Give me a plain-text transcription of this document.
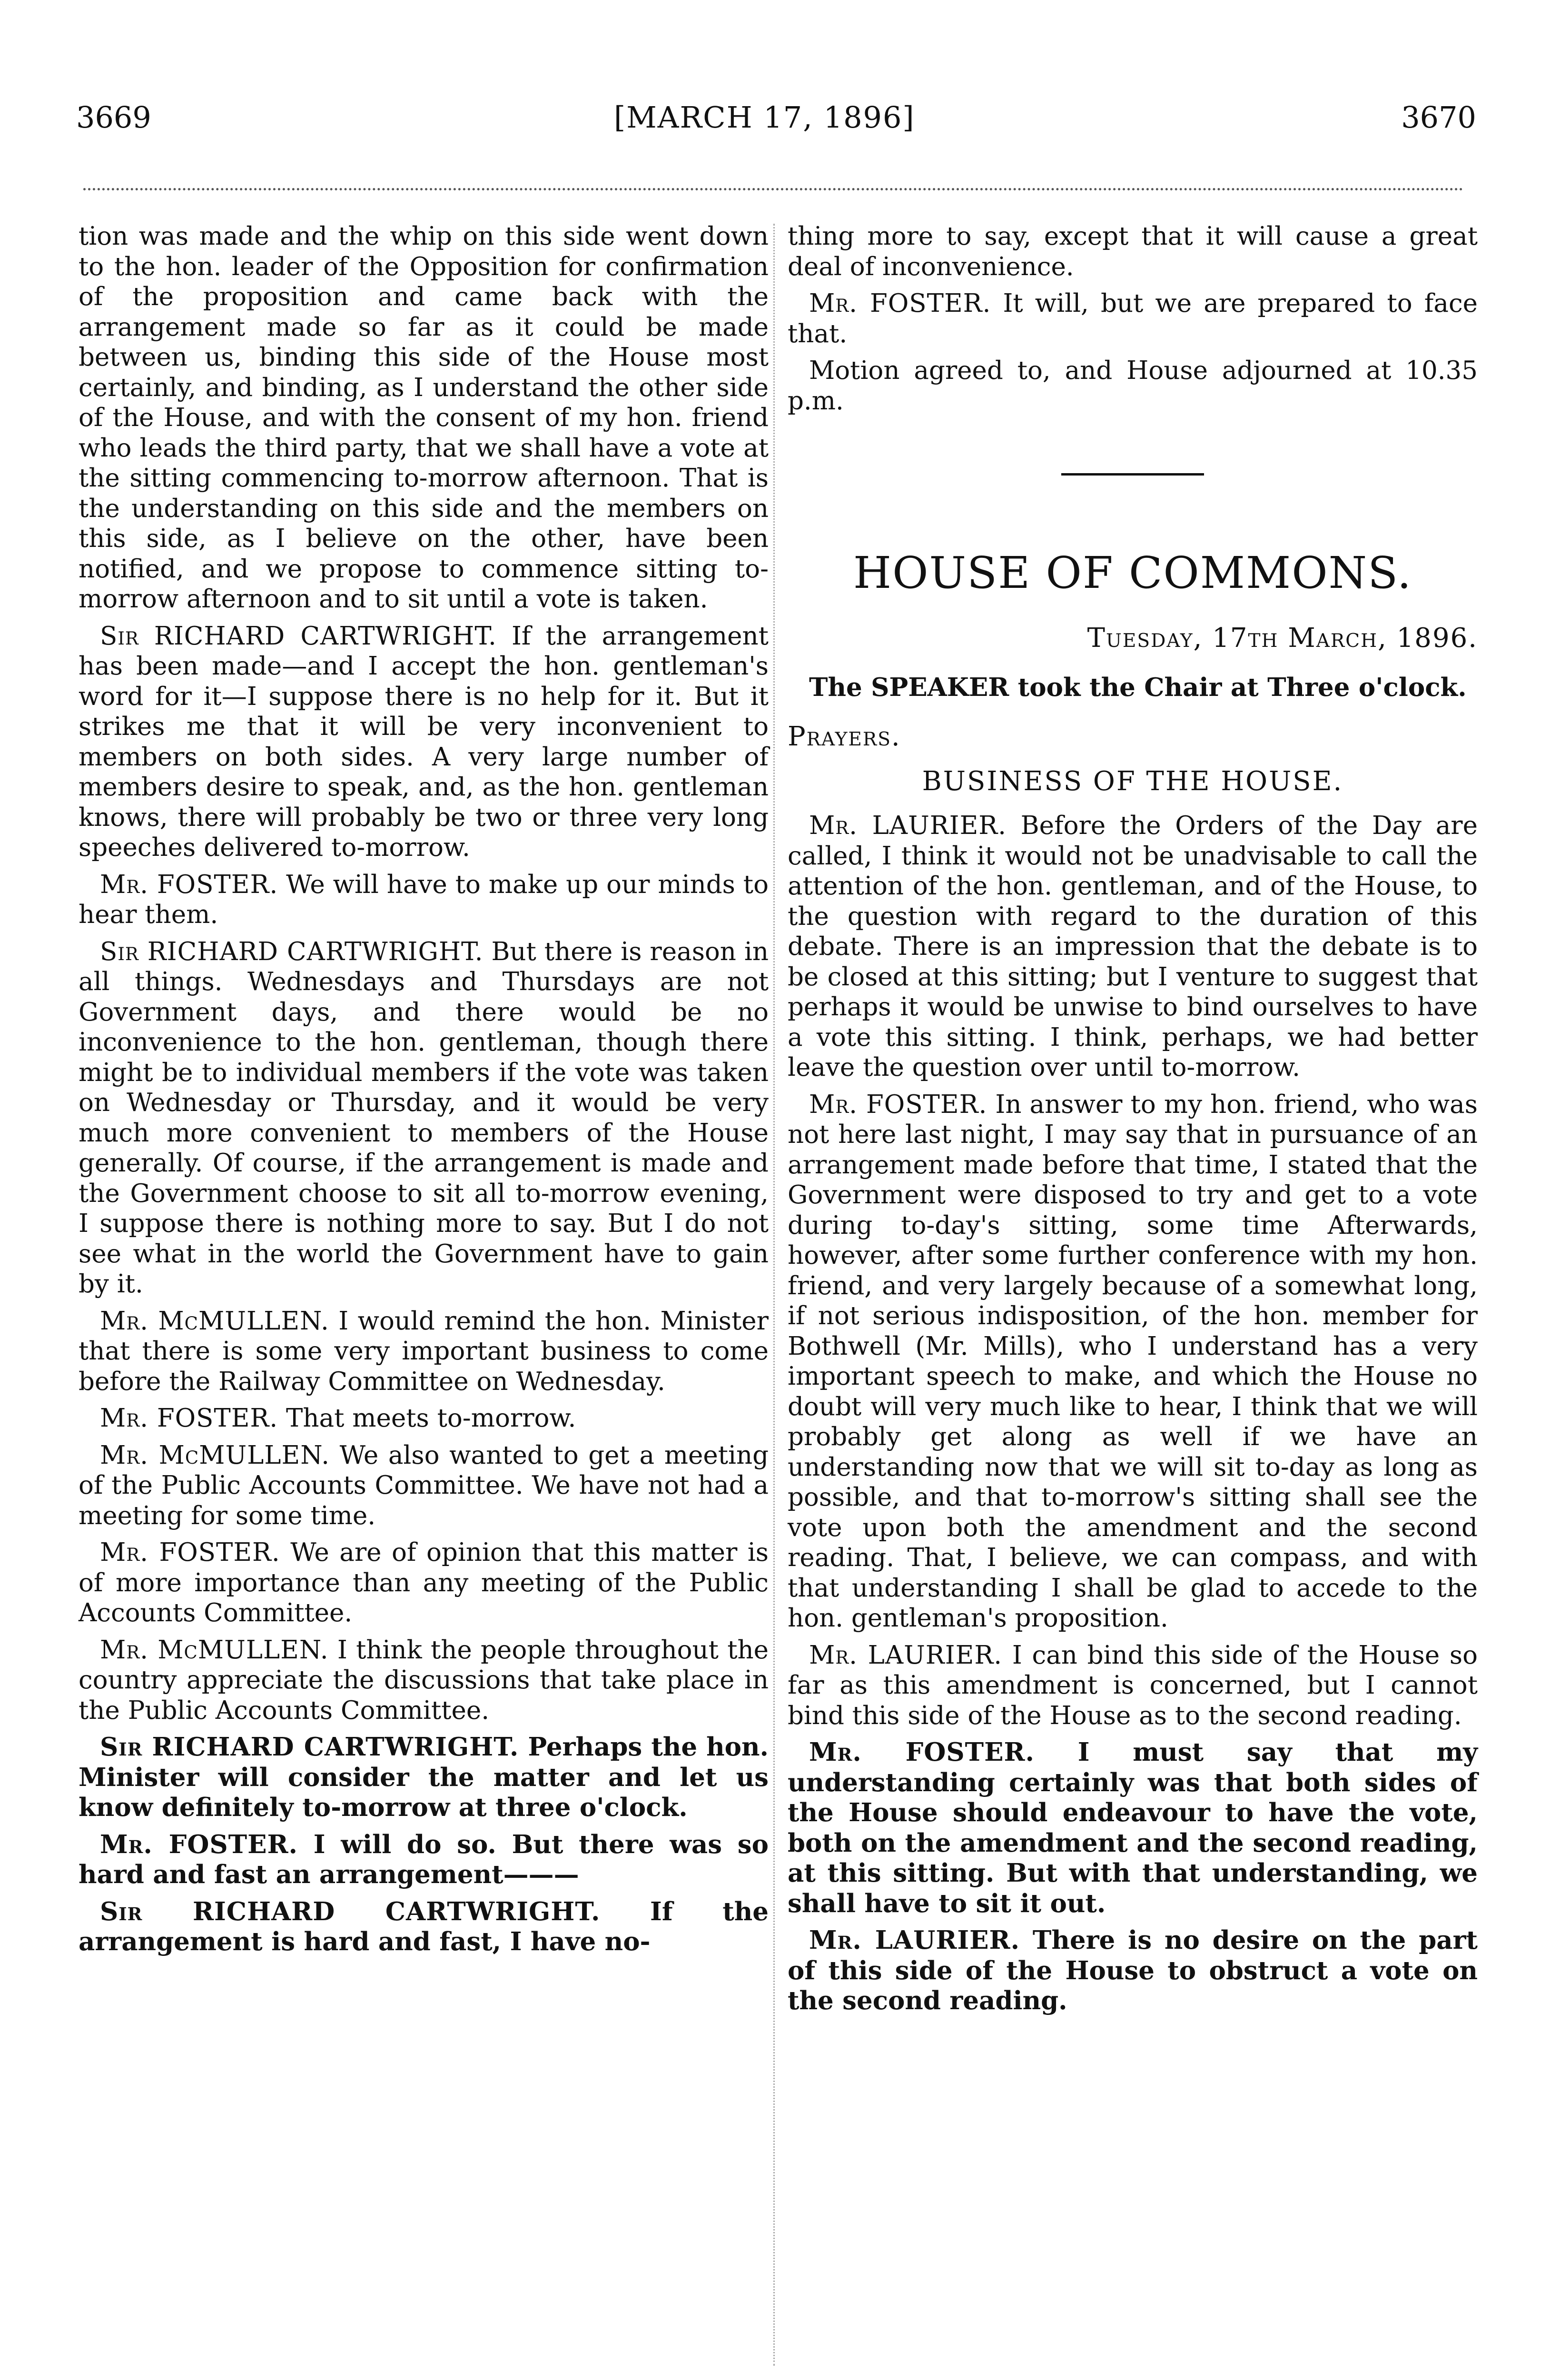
3669	[MARCH 17, 1896]	3670

tion was made and the whip on this side went down to the hon. leader of the Opposition for confirmation of the proposition and came back with the arrangement made so far as it could be made between us, binding this side of the House most certainly, and binding, as I understand the other side of the House, and with the consent of my hon. friend who leads the third party, that we shall have a vote at the sitting commencing to-morrow afternoon. That is the understanding on this side and the members on this side, as I believe on the other, have been notified, and we propose to commence sitting to-morrow afternoon and to sit until a vote is taken.

Sir RICHARD CARTWRIGHT. If the arrangement has been made—and I accept the hon. gentleman's word for it—I suppose there is no help for it. But it strikes me that it will be very inconvenient to members on both sides. A very large number of members desire to speak, and, as the hon. gentleman knows, there will probably be two or three very long speeches delivered to-morrow.

Mr. FOSTER. We will have to make up our minds to hear them.

Sir RICHARD CARTWRIGHT. But there is reason in all things. Wednesdays and Thursdays are not Government days, and there would be no inconvenience to the hon. gentleman, though there might be to individual members if the vote was taken on Wednesday or Thursday, and it would be very much more convenient to members of the House generally. Of course, if the arrangement is made and the Government choose to sit all to-morrow evening, I suppose there is nothing more to say. But I do not see what in the world the Government have to gain by it.

Mr. McMULLEN. I would remind the hon. Minister that there is some very important business to come before the Railway Committee on Wednesday.

Mr. FOSTER. That meets to-morrow.

Mr. McMULLEN. We also wanted to get a meeting of the Public Accounts Committee. We have not had a meeting for some time.

Mr. FOSTER. We are of opinion that this matter is of more importance than any meeting of the Public Accounts Committee.

Mr. McMULLEN. I think the people throughout the country appreciate the discussions that take place in the Public Accounts Committee.

Sir RICHARD CARTWRIGHT. Perhaps the hon. Minister will consider the matter and let us know definitely to-morrow at three o'clock.

Mr. FOSTER. I will do so. But there was so hard and fast an arrangement———

Sir RICHARD CARTWRIGHT. If the arrangement is hard and fast, I have no-

thing more to say, except that it will cause a great deal of inconvenience.

Mr. FOSTER. It will, but we are prepared to face that.

Motion agreed to, and House adjourned at 10.35 p.m.

HOUSE OF COMMONS.
Tuesday, 17th March, 1896.

The SPEAKER took the Chair at Three o'clock.

Prayers.
BUSINESS OF THE HOUSE.

Mr. LAURIER. Before the Orders of the Day are called, I think it would not be unadvisable to call the attention of the hon. gentleman, and of the House, to the question with regard to the duration of this debate. There is an impression that the debate is to be closed at this sitting; but I venture to suggest that perhaps it would be unwise to bind ourselves to have a vote this sitting. I think, perhaps, we had better leave the question over until to-morrow.

Mr. FOSTER. In answer to my hon. friend, who was not here last night, I may say that in pursuance of an arrangement made before that time, I stated that the Government were disposed to try and get to a vote during to-day's sitting, some time Afterwards, however, after some further conference with my hon. friend, and very largely because of a somewhat long, if not serious indisposition, of the hon. member for Bothwell (Mr. Mills), who I understand has a very important speech to make, and which the House no doubt will very much like to hear, I think that we will probably get along as well if we have an understanding now that we will sit to-day as long as possible, and that to-morrow's sitting shall see the vote upon both the amendment and the second reading. That, I believe, we can compass, and with that understanding I shall be glad to accede to the hon. gentleman's proposition.

Mr. LAURIER. I can bind this side of the House so far as this amendment is concerned, but I cannot bind this side of the House as to the second reading.

Mr. FOSTER. I must say that my understanding certainly was that both sides of the House should endeavour to have the vote, both on the amendment and the second reading, at this sitting. But with that understanding, we shall have to sit it out.

Mr. LAURIER. There is no desire on the part of this side of the House to obstruct a vote on the second reading.
